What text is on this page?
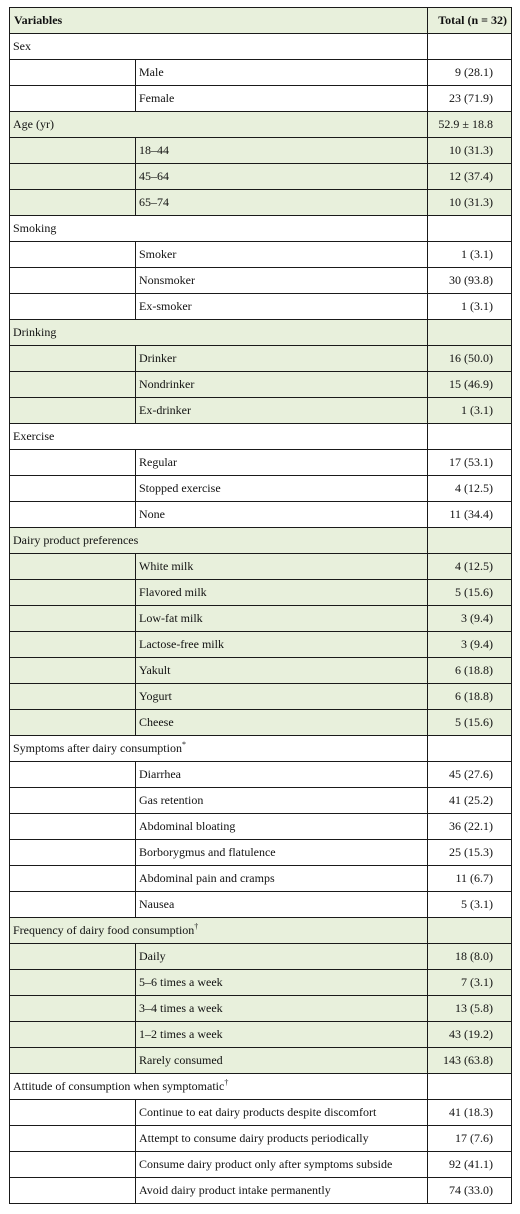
Variables		Total (n = 32)
Sex		
	Male	9 (28.1)
	Female	23 (71.9)
Age (yr)		52.9 ± 18.8
	18–44	10 (31.3)
	45–64	12 (37.4)
	65–74	10 (31.3)
Smoking		
	Smoker	1 (3.1)
	Nonsmoker	30 (93.8)
	Ex-smoker	1 (3.1)
Drinking		
	Drinker	16 (50.0)
	Nondrinker	15 (46.9)
	Ex-drinker	1 (3.1)
Exercise		
	Regular	17 (53.1)
	Stopped exercise	4 (12.5)
	None	11 (34.4)
Dairy product preferences		
	White milk	4 (12.5)
	Flavored milk	5 (15.6)
	Low-fat milk	3 (9.4)
	Lactose-free milk	3 (9.4)
	Yakult	6 (18.8)
	Yogurt	6 (18.8)
	Cheese	5 (15.6)
Symptoms after dairy consumption*	
	Diarrhea	45 (27.6)
	Gas retention	41 (25.2)
	Abdominal bloating	36 (22.1)
	Borborygmus and flatulence	25 (15.3)
	Abdominal pain and cramps	11 (6.7)
	Nausea	5 (3.1)
Frequency of dairy food consumption†	
	Daily	18 (8.0)
	5–6 times a week	7 (3.1)
	3–4 times a week	13 (5.8)
	1–2 times a week	43 (19.2)
	Rarely consumed	143 (63.8)
Attitude of consumption when symptomatic†	
	Continue to eat dairy products despite discomfort	41 (18.3)
	Attempt to consume dairy products periodically	17 (7.6)
	Consume dairy product only after symptoms subside	92 (41.1)
	Avoid dairy product intake permanently	74 (33.0)
